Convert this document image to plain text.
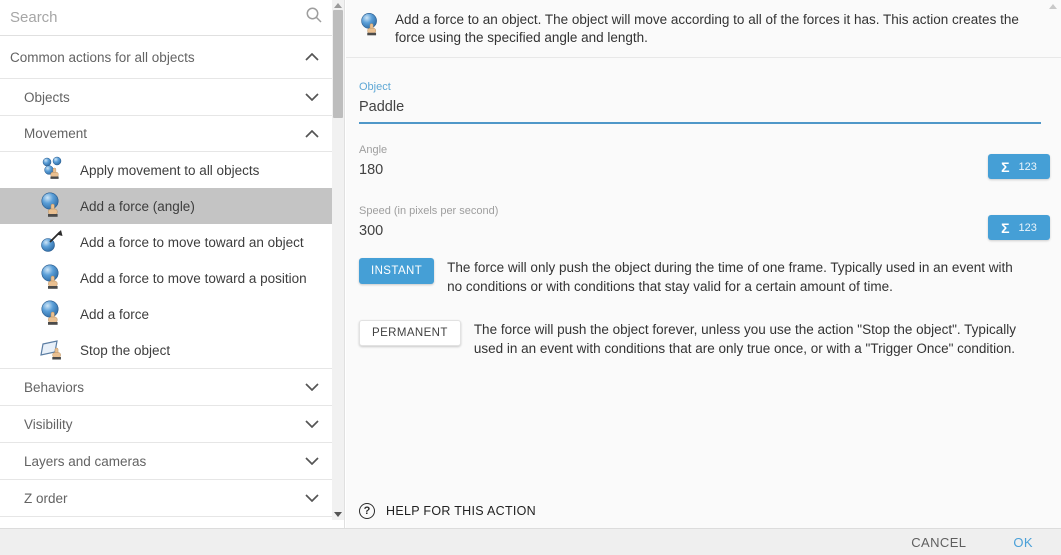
Search
Common actions for all objects
Objects
Movement
Apply movement to all objects
Add a force (angle)
Add a force to move toward an object
Add a force to move toward a position
Add a force
Stop the object
Behaviors
Visibility
Layers and cameras
Z order
Add a force to an object. The object will move according to all of the forces it has. This action creates the force using the specified angle and length.
Object
Paddle
Angle
180	Σ 123
Speed (in pixels per second)
300	Σ 123
INSTANT	The force will only push the object during the time of one frame. Typically used in an event with no conditions or with conditions that stay valid for a certain amount of time.
PERMANENT	The force will push the object forever, unless you use the action "Stop the object". Typically used in an event with conditions that are only true once, or with a "Trigger Once" condition.
?	HELP FOR THIS ACTION
CANCEL	OK
